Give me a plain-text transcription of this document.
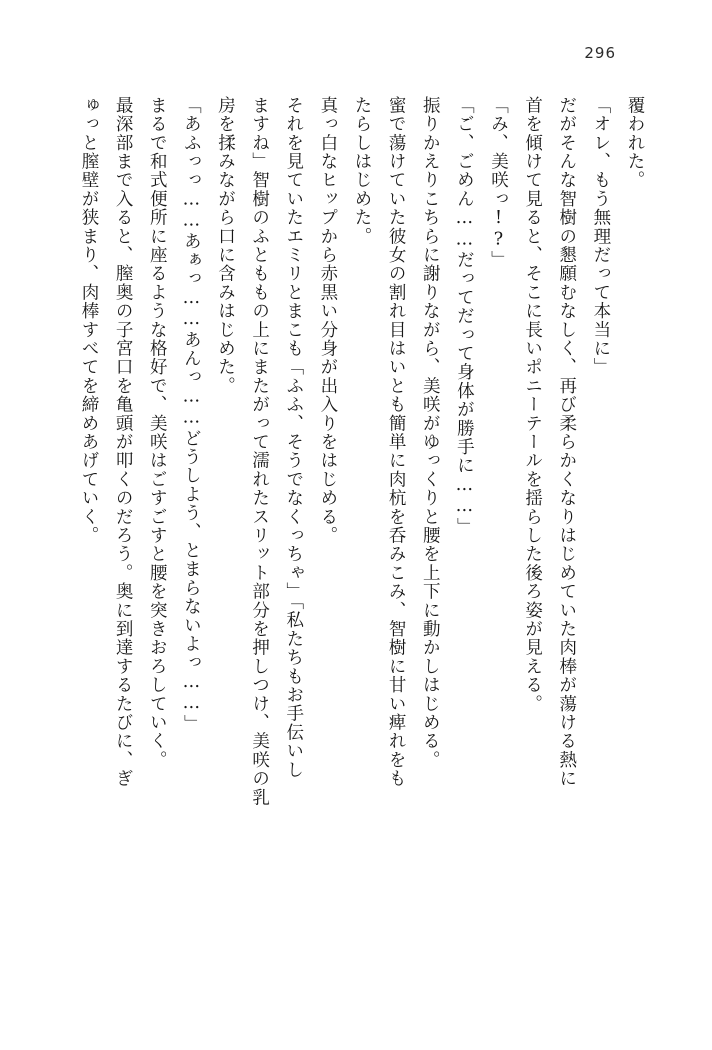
296

覆われた。

「オレ、もう無理だって本当に」

だがそんな智樹の懇願むなしく、再び柔らかくなりはじめていた肉棒が蕩ける熱に

首を傾けて見ると、そこに長いポニーテールを揺らした後ろ姿が見える。

「み、美咲っ!?」

「ご、ごめん……だってだって身体が勝手に……」

振りかえりこちらに謝りながら、美咲がゆっくりと腰を上下に動かしはじめる。

蜜で蕩けていた彼女の割れ目はいとも簡単に肉杭を呑みこみ、智樹に甘い痺れをも

たらしはじめた。

真っ白なヒップから赤黒い分身が出入りをはじめる。

それを見ていたエミリとまこも「ふふ、そうでなくっちゃ」「私たちもお手伝いし

ますね」智樹のふとももの上にまたがって濡れたスリット部分を押しつけ、美咲の乳

房を揉みながら口に含みはじめた。

「あふっっ……あぁっ……あんっ……どうしよう、とまらないよっ……」

まるで和式便所に座るような格好で、美咲はごすごすと腰を突きおろしていく。

最深部まで入ると、膣奥の子宮口を亀頭が叩くのだろう。奥に到達するたびに、ぎ

ゅっと膣壁が狭まり、肉棒すべてを締めあげていく。
